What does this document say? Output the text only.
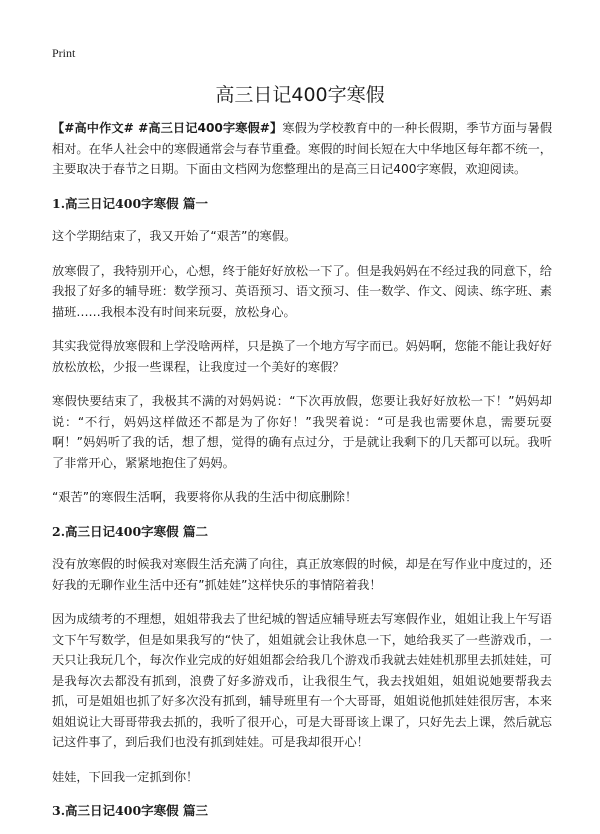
Print
高三日记400字寒假

【#高中作文# #高三日记400字寒假#】寒假为学校教育中的一种长假期，季节方面与暑假相对。在华人社会中的寒假通常会与春节重叠。寒假的时间长短在大中华地区每年都不统一，主要取决于春节之日期。下面由文档网为您整理出的是高三日记400字寒假，欢迎阅读。

1.高三日记400字寒假 篇一

这个学期结束了，我又开始了“艰苦”的寒假。

放寒假了，我特别开心，心想，终于能好好放松一下了。但是我妈妈在不经过我的同意下，给我报了好多的辅导班：数学预习、英语预习、语文预习、佳一数学、作文、阅读、练字班、素描班……我根本没有时间来玩耍，放松身心。

其实我觉得放寒假和上学没啥两样，只是换了一个地方写字而已。妈妈啊，您能不能让我好好放松放松，少报一些课程，让我度过一个美好的寒假？

寒假快要结束了，我极其不满的对妈妈说：“下次再放假，您要让我好好放松一下！”妈妈却说：“不行，妈妈这样做还不都是为了你好！”我哭着说：“可是我也需要休息，需要玩耍啊！”妈妈听了我的话，想了想，觉得的确有点过分，于是就让我剩下的几天都可以玩。我听了非常开心，紧紧地抱住了妈妈。

“艰苦”的寒假生活啊，我要将你从我的生活中彻底删除！

2.高三日记400字寒假 篇二

没有放寒假的时候我对寒假生活充满了向往，真正放寒假的时候，却是在写作业中度过的，还好我的无聊作业生活中还有”抓娃娃”这样快乐的事情陪着我！

因为成绩考的不理想，姐姐带我去了世纪城的智适应辅导班去写寒假作业，姐姐让我上午写语文下午写数学，但是如果我写的“快了，姐姐就会让我休息一下，她给我买了一些游戏币，一天只让我玩几个，每次作业完成的好姐姐都会给我几个游戏币我就去娃娃机那里去抓娃娃，可是我每次去都没有抓到，浪费了好多游戏币，让我很生气，我去找姐姐，姐姐说她要帮我去抓，可是姐姐也抓了好多次没有抓到，辅导班里有一个大哥哥，姐姐说他抓娃娃很厉害，本来姐姐说让大哥哥带我去抓的，我听了很开心，可是大哥哥该上课了，只好先去上课，然后就忘记这件事了，到后我们也没有抓到娃娃。可是我却很开心！

娃娃，下回我一定抓到你！

3.高三日记400字寒假 篇三
